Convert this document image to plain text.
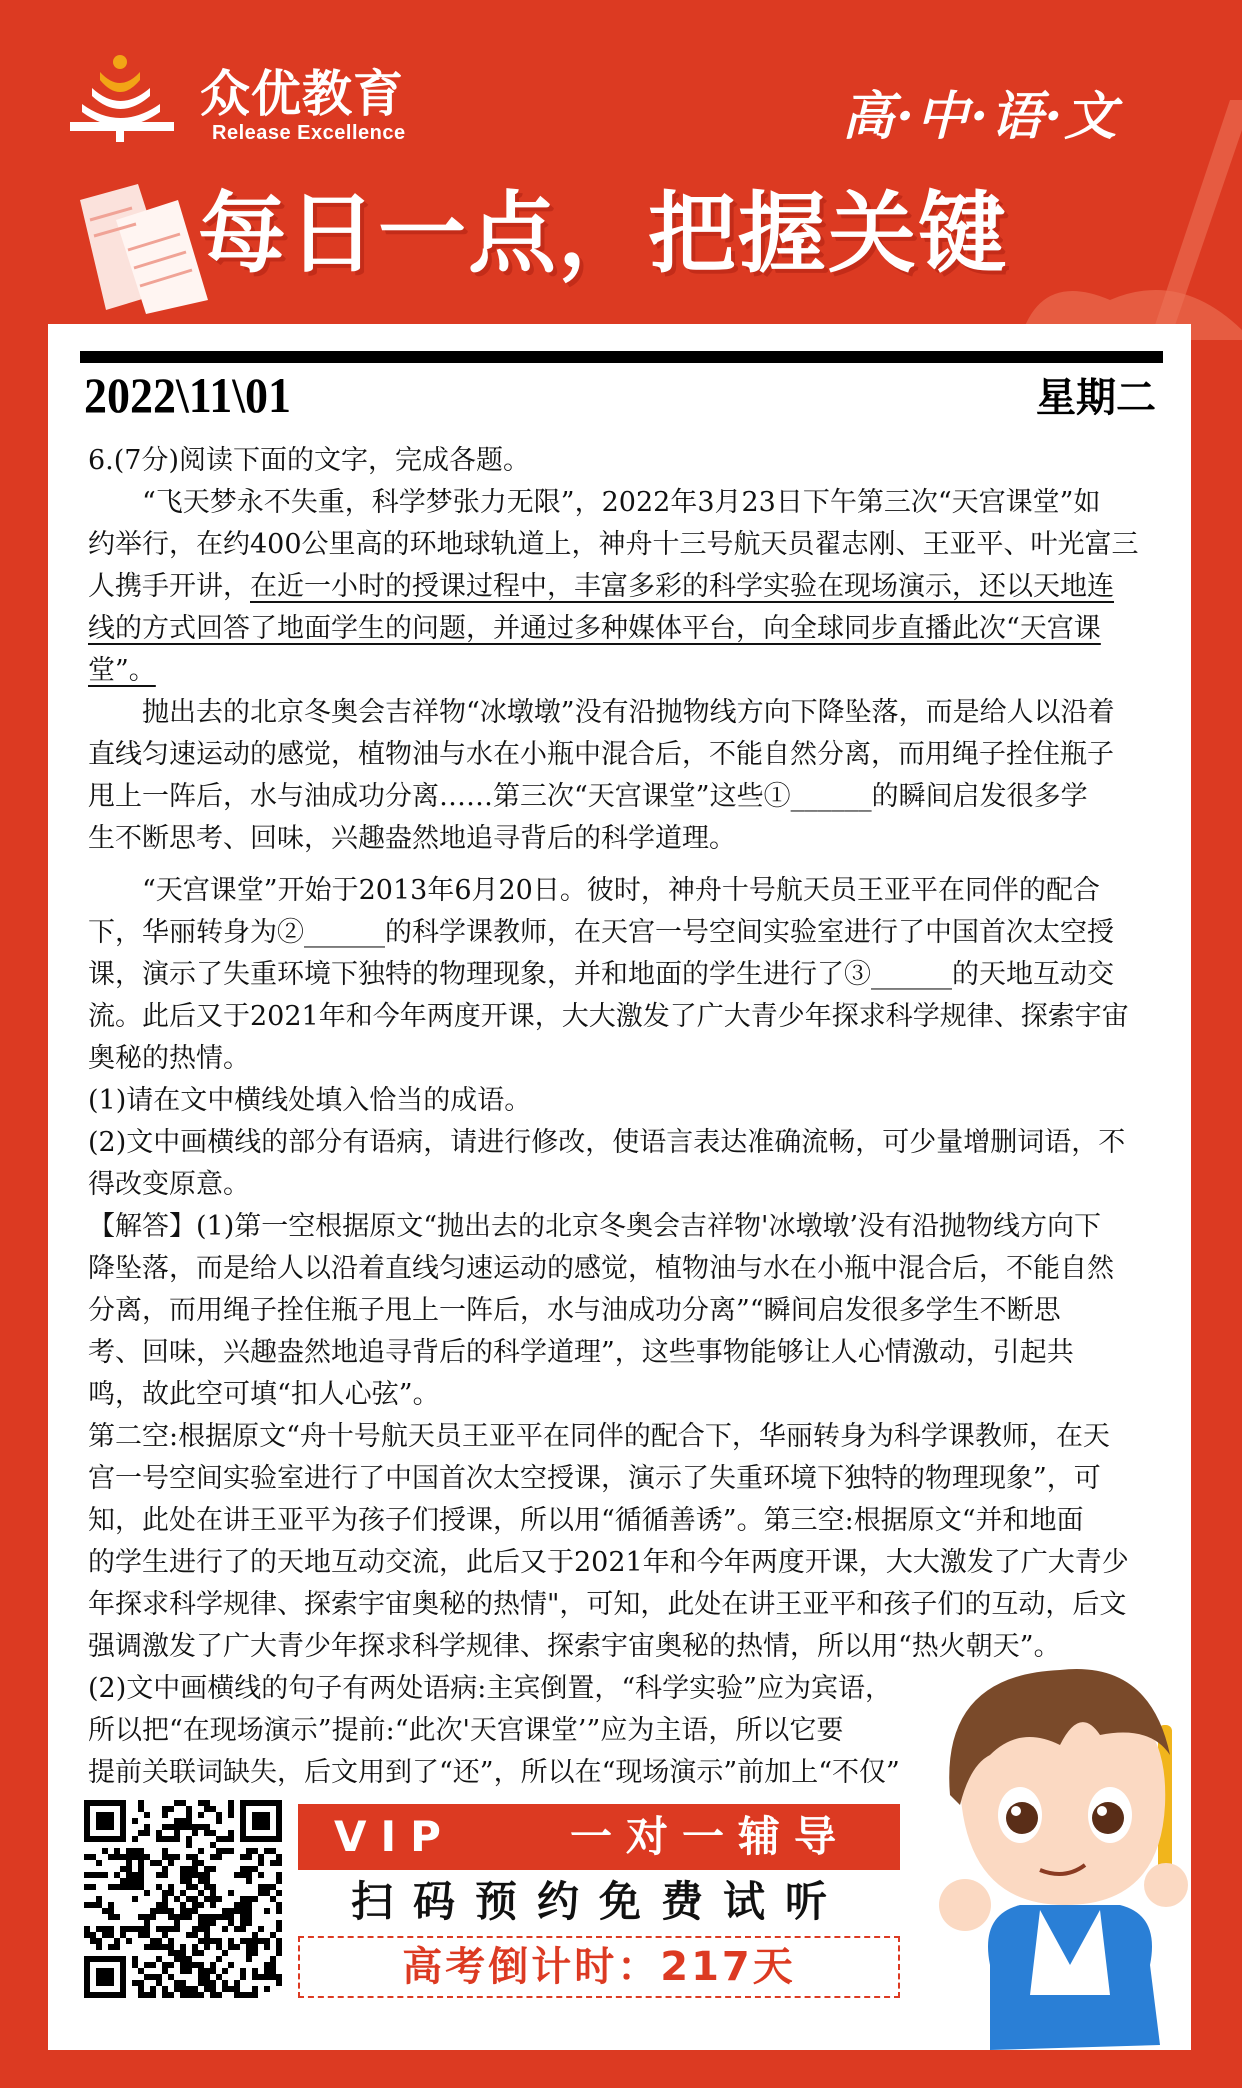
众优教育
Release Excellence	高·中·语·文
每日一点，把握关键
2022\11\01	星期二
6.(7分)阅读下面的文字，完成各题。
　　“飞天梦永不失重，科学梦张力无限”，2022年3月23日下午第三次“天宫课堂”如
约举行，在约400公里高的环地球轨道上，神舟十三号航天员翟志刚、王亚平、叶光富三
人携手开讲，在近一小时的授课过程中，丰富多彩的科学实验在现场演示，还以天地连
线的方式回答了地面学生的问题，并通过多种媒体平台，向全球同步直播此次“天宫课
堂”。
　　抛出去的北京冬奥会吉祥物“冰墩墩”没有沿抛物线方向下降坠落，而是给人以沿着
直线匀速运动的感觉，植物油与水在小瓶中混合后，不能自然分离，而用绳子拴住瓶子
甩上一阵后，水与油成功分离……第三次“天宫课堂”这些①______的瞬间启发很多学
生不断思考、回味，兴趣盎然地追寻背后的科学道理。
　　“天宫课堂”开始于2013年6月20日。彼时，神舟十号航天员王亚平在同伴的配合
下，华丽转身为②______的科学课教师，在天宫一号空间实验室进行了中国首次太空授
课，演示了失重环境下独特的物理现象，并和地面的学生进行了③______的天地互动交
流。此后又于2021年和今年两度开课，大大激发了广大青少年探求科学规律、探索宇宙
奥秘的热情。
(1)请在文中横线处填入恰当的成语。
(2)文中画横线的部分有语病，请进行修改，使语言表达准确流畅，可少量增删词语，不
得改变原意。
【解答】(1)第一空根据原文“抛出去的北京冬奥会吉祥物'冰墩墩’没有沿抛物线方向下
降坠落，而是给人以沿着直线匀速运动的感觉，植物油与水在小瓶中混合后，不能自然
分离，而用绳子拴住瓶子甩上一阵后，水与油成功分离”“瞬间启发很多学生不断思
考、回味，兴趣盎然地追寻背后的科学道理”，这些事物能够让人心情激动，引起共
鸣，故此空可填“扣人心弦”。
第二空:根据原文“舟十号航天员王亚平在同伴的配合下，华丽转身为科学课教师，在天
宫一号空间实验室进行了中国首次太空授课，演示了失重环境下独特的物理现象”，可
知，此处在讲王亚平为孩子们授课，所以用“循循善诱”。第三空:根据原文“并和地面
的学生进行了的天地互动交流，此后又于2021年和今年两度开课，大大激发了广大青少
年探求科学规律、探索宇宙奥秘的热情"，可知，此处在讲王亚平和孩子们的互动，后文
强调激发了广大青少年探求科学规律、探索宇宙奥秘的热情，所以用“热火朝天”。
(2)文中画横线的句子有两处语病:主宾倒置，“科学实验”应为宾语，
所以把“在现场演示”提前:“此次'天宫课堂’”应为主语，所以它要
提前关联词缺失，后文用到了“还”，所以在“现场演示”前加上“不仅”
VIP	一对一辅导
扫码预约免费试听
高考倒计时：217天
